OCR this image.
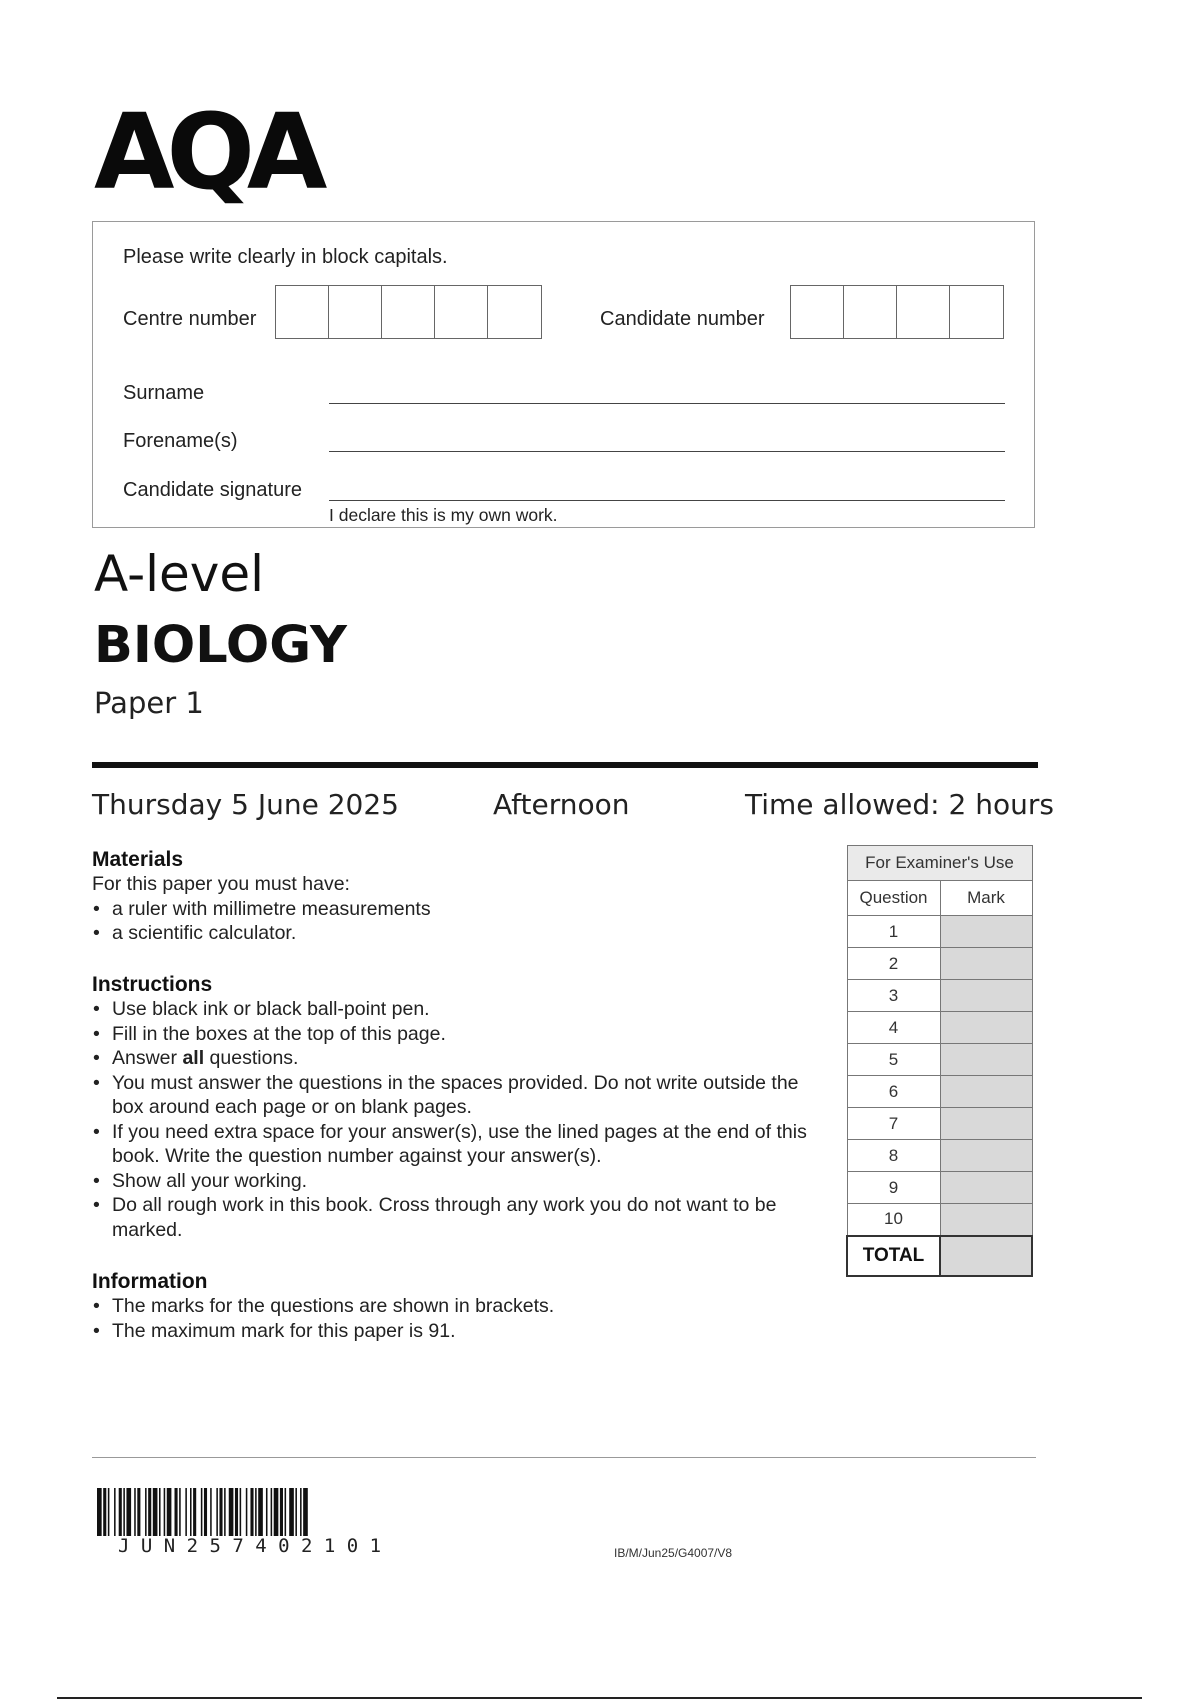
AQA
Please write clearly in block capitals.
Centre number	Candidate number
Surname
Forename(s)
Candidate signature
I declare this is my own work.
A-level
BIOLOGY
Paper 1
Thursday 5 June 2025	Afternoon	Time allowed: 2 hours
Materials
For this paper you must have:
• a ruler with millimetre measurements
• a scientific calculator.
Instructions
• Use black ink or black ball-point pen.
• Fill in the boxes at the top of this page.
• Answer all questions.
• You must answer the questions in the spaces provided. Do not write outside the box around each page or on blank pages.
• If you need extra space for your answer(s), use the lined pages at the end of this book. Write the question number against your answer(s).
• Show all your working.
• Do all rough work in this book. Cross through any work you do not want to be marked.
Information
• The marks for the questions are shown in brackets.
• The maximum mark for this paper is 91.
For Examiner's Use	
Question	Mark
1	
2	
3	
4	
5	
6	
7	
8	
9	
10	
TOTAL	
J U N 2 5 7 4 0 2 1 0 1	IB/M/Jun25/G4007/V8
